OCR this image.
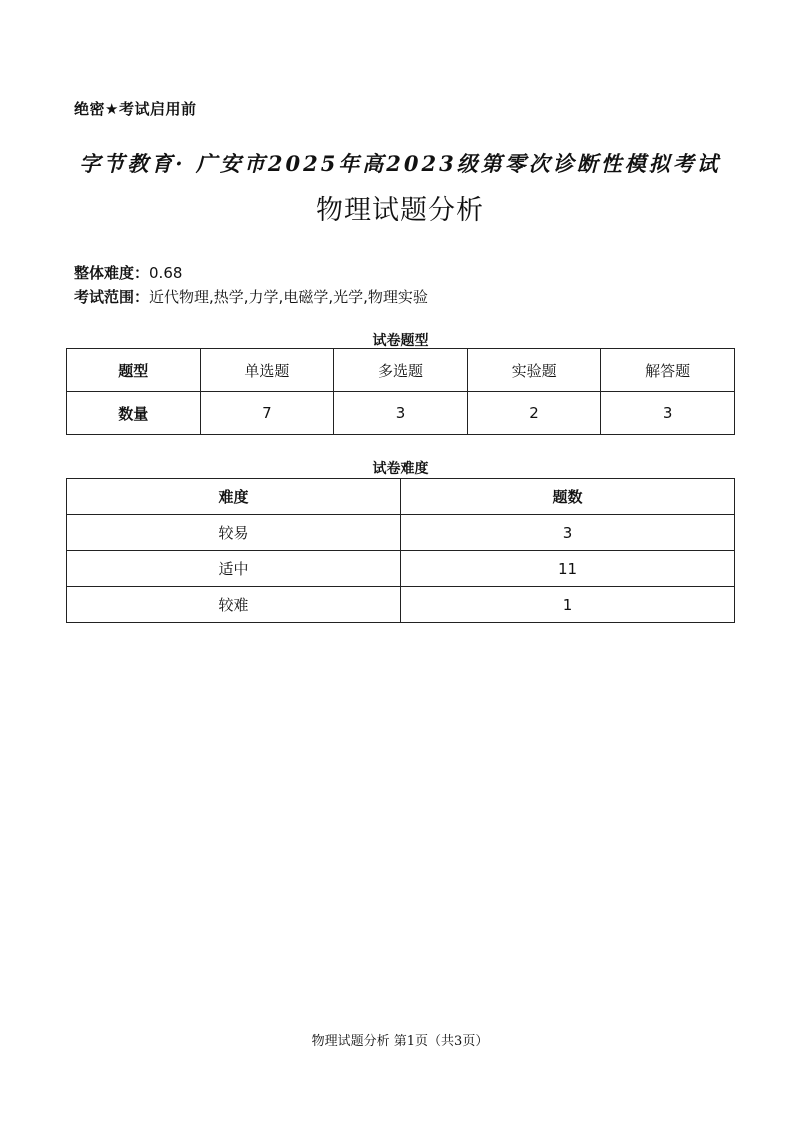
绝密★考试启用前
字节教育· 广安市2025年高2023级第零次诊断性模拟考试
物理试题分析
整体难度：0.68
考试范围：近代物理,热学,力学,电磁学,光学,物理实验
试卷题型
题型	单选题	多选题	实验题	解答题
数量	7	3	2	3
试卷难度
难度	题数
较易	3
适中	11
较难	1
物理试题分析 第1页（共3页）
